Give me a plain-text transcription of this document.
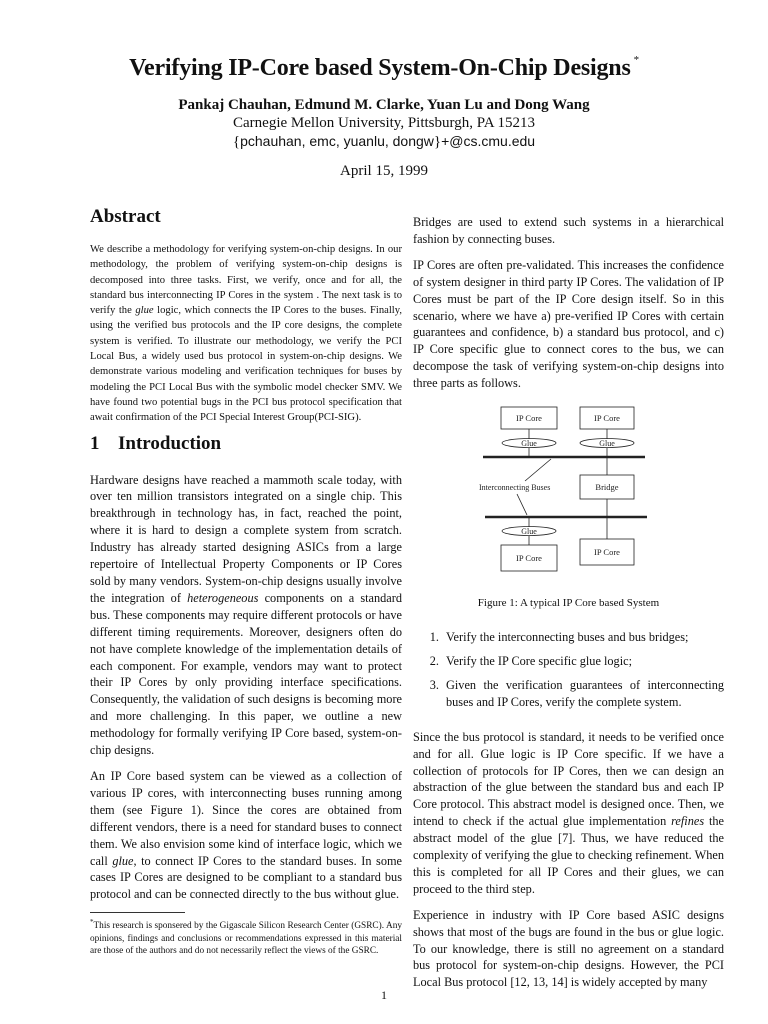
Verifying IP-Core based System-On-Chip Designs *
Pankaj Chauhan, Edmund M. Clarke, Yuan Lu and Dong Wang
Carnegie Mellon University, Pittsburgh, PA 15213
{pchauhan, emc, yuanlu, dongw}+@cs.cmu.edu
April 15, 1999
Abstract

We describe a methodology for verifying system-on-chip designs. In our methodology, the problem of verifying system-on-chip designs is decomposed into three tasks. First, we verify, once and for all, the standard bus interconnecting IP Cores in the system . The next task is to verify the glue logic, which connects the IP Cores to the buses. Finally, using the verified bus protocols and the IP core designs, the complete system is verified. To illustrate our methodology, we verify the PCI Local Bus, a widely used bus protocol in system-on-chip designs. We demonstrate various modeling and verification techniques for buses by modeling the PCI Local Bus with the symbolic model checker SMV. We have found two potential bugs in the PCI bus protocol specification that await confirmation of the PCI Special Interest Group(PCI-SIG).

1 Introduction

Hardware designs have reached a mammoth scale today, with over ten million transistors integrated on a single chip. This breakthrough in technology has, in fact, reached the point, where it is hard to design a complete system from scratch. Industry has already started designing ASICs from a large repertoire of Intellectual Property Components or IP Cores sold by many vendors. System-on-chip designs usually involve the integration of heterogeneous components on a standard bus. These components may require different protocols or have different timing requirements. Moreover, designers often do not have complete knowledge of the implementation details of each component. For example, vendors may want to protect their IP Cores by only providing interface specifications. Consequently, the validation of such designs is becoming more and more challenging. In this paper, we outline a new methodology for formally verifying IP Core based, system-on-chip designs.

An IP Core based system can be viewed as a collection of various IP cores, with interconnecting buses running among them (see Figure 1). Since the cores are obtained from different vendors, there is a need for standard buses to connect them. We also envision some kind of interface logic, which we call glue, to connect IP Cores to the standard buses. In some cases IP Cores are designed to be compliant to a standard bus protocol and can be connected directly to the bus without glue.

*This research is sponsered by the Gigascale Silicon Research Center (GSRC). Any opinions, findings and conclusions or recommendations expressed in this material are those of the authors and do not necessarily reflect the views of the GSRC.

Bridges are used to extend such systems in a hierarchical fashion by connecting buses.

IP Cores are often pre-validated. This increases the confidence of system designer in third party IP Cores. The validation of IP Cores must be part of the IP Core design itself. So in this scenario, where we have a) pre-verified IP Cores with certain guarantees and confidence, b) a standard bus protocol, and c) IP Core specific glue to connect cores to the bus, we can decompose the task of verifying system-on-chip designs into three parts as follows.

IP Core	IP Core
Glue	Glue
Bridge
Interconnecting Buses
Glue
IP Core
IP Core
Figure 1: A typical IP Core based System
1. Verify the interconnecting buses and bus bridges;
2. Verify the IP Core specific glue logic;
3. Given the verification guarantees of interconnecting buses and IP Cores, verify the complete system.

Since the bus protocol is standard, it needs to be verified once and for all. Glue logic is IP Core specific. If we have a collection of protocols for IP Cores, then we can design an abstraction of the glue between the standard bus and each IP Core protocol. This abstract model is designed once. Then, we intend to check if the actual glue implementation refines the abstract model of the glue [7]. Thus, we have reduced the complexity of verifying the glue to checking refinement. When this is completed for all IP Cores and their glues, we can proceed to the third step.

Experience in industry with IP Core based ASIC designs shows that most of the bugs are found in the bus or glue logic. To our knowledge, there is still no agreement on a standard bus protocol for system-on-chip designs. However, the PCI Local Bus protocol [12, 13, 14] is widely accepted by many

1
